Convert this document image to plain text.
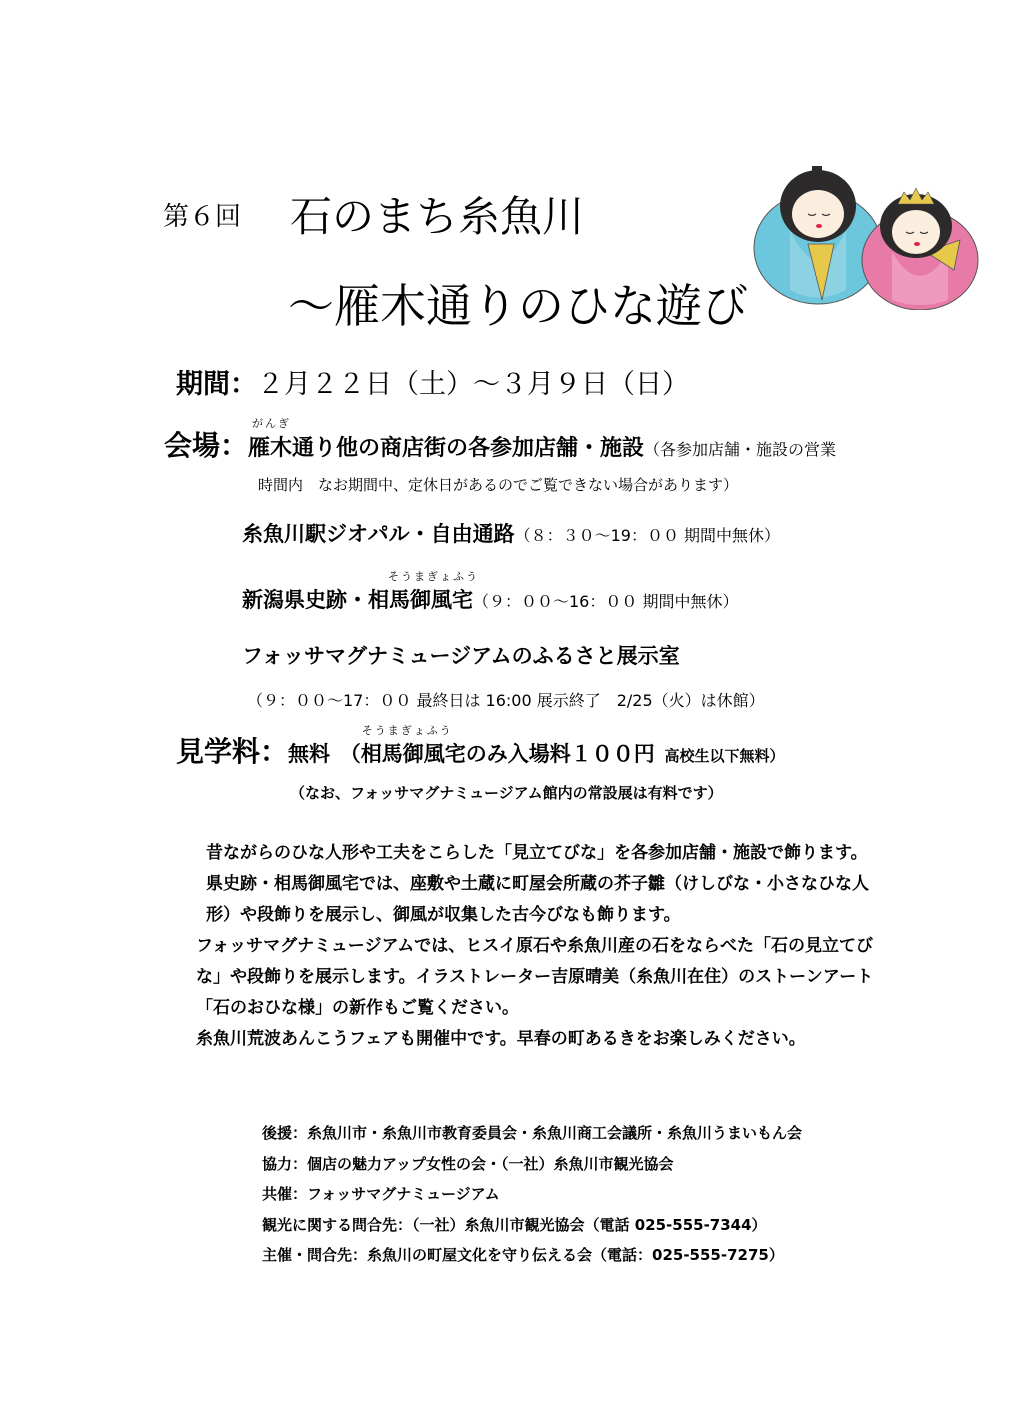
第６回 石のまち糸魚川
～雁木通りのひな遊び
期間：２月２２日（土）～３月９日（日）
会場：
がんぎ
雁木通り他の商店街の各参加店舗・施設（各参加店舗・施設の営業
時間内　なお期間中、定休日があるのでご覧できない場合があります）
糸魚川駅ジオパル・自由通路（８：３０～19：００ 期間中無休）
そうまぎょふう
新潟県史跡・相馬御風宅（９：００～16：００ 期間中無休）
フォッサマグナミュージアムのふるさと展示室
（９：００～17：００ 最終日は 16:00 展示終了　2/25（火）は休館）
見学料：無料
そうまぎょふう
（相馬御風宅のみ入場料１００円 高校生以下無料）
（なお、フォッサマグナミュージアム館内の常設展は有料です）

昔ながらのひな人形や工夫をこらした「見立てびな」を各参加店舗・施設で飾ります。

県史跡・相馬御風宅では、座敷や土蔵に町屋会所蔵の芥子雛（けしびな・小さなひな人形）や段飾りを展示し、御風が収集した古今びなも飾ります。

フォッサマグナミュージアムでは、ヒスイ原石や糸魚川産の石をならべた「石の見立てびな」や段飾りを展示します。イラストレーター吉原晴美（糸魚川在住）のストーンアート「石のおひな様」の新作もご覧ください。

糸魚川荒波あんこうフェアも開催中です。早春の町あるきをお楽しみください。

後援：糸魚川市・糸魚川市教育委員会・糸魚川商工会議所・糸魚川うまいもん会
協力：個店の魅力アップ女性の会・（一社）糸魚川市観光協会
共催：フォッサマグナミュージアム
観光に関する問合先：（一社）糸魚川市観光協会（電話 025-555-7344）
主催・問合先：糸魚川の町屋文化を守り伝える会（電話：025-555-7275）
